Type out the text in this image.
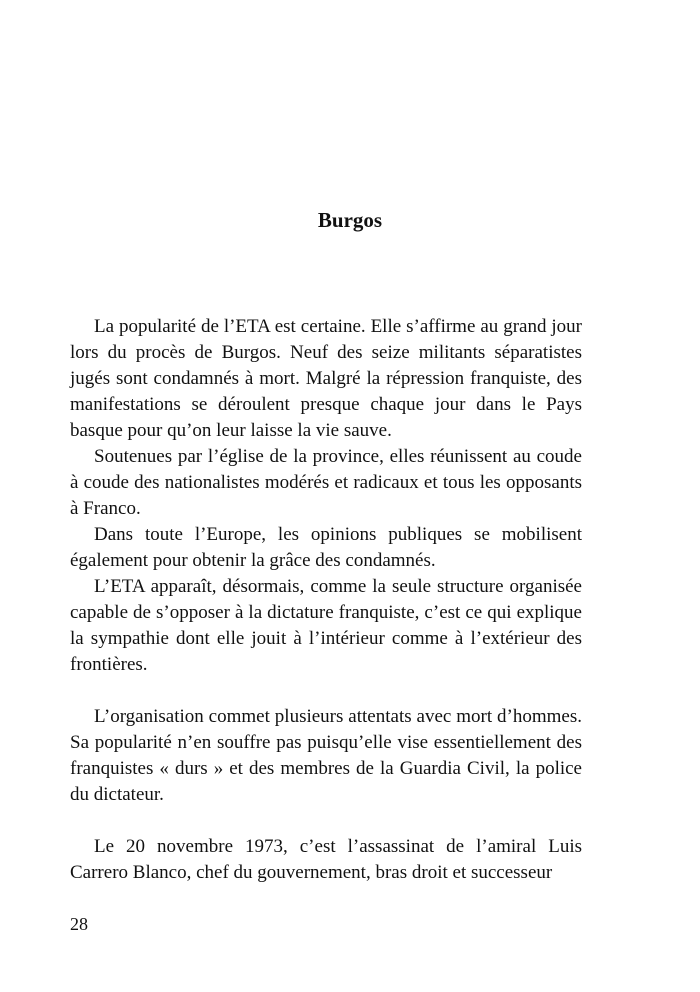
Burgos

La popularité de l’ETA est certaine. Elle s’affirme au grand jour lors du procès de Burgos. Neuf des seize militants séparatistes jugés sont condamnés à mort. Malgré la répression franquiste, des manifestations se déroulent presque chaque jour dans le Pays basque pour qu’on leur laisse la vie sauve.

Soutenues par l’église de la province, elles réunissent au coude à coude des nationalistes modérés et radicaux et tous les opposants à Franco.

Dans toute l’Europe, les opinions publiques se mobilisent également pour obtenir la grâce des condamnés.

L’ETA apparaît, désormais, comme la seule structure organisée capable de s’opposer à la dictature franquiste, c’est ce qui explique la sympathie dont elle jouit à l’intérieur comme à l’extérieur des frontières.

L’organisation commet plusieurs attentats avec mort d’hommes. Sa popularité n’en souffre pas puisqu’elle vise essentiellement des franquistes « durs » et des membres de la Guardia Civil, la police du dictateur.

Le 20 novembre 1973, c’est l’assassinat de l’amiral Luis Carrero Blanco, chef du gouvernement, bras droit et successeur

28
